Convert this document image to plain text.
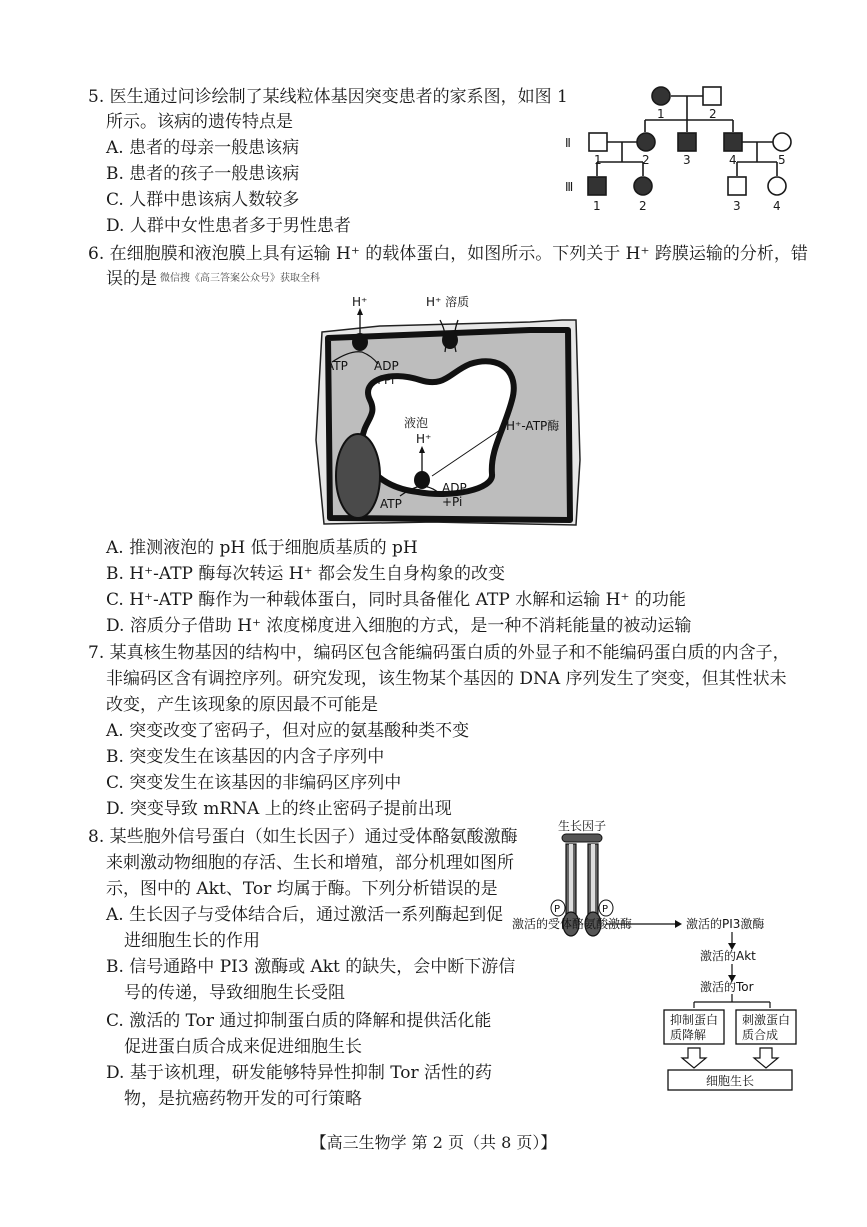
5. 医生通过问诊绘制了某线粒体基因突变患者的家系图，如图 1
所示。该病的遗传特点是
A. 患者的母亲一般患该病
B. 患者的孩子一般患该病
C. 人群中患该病人数较多
D. 人群中女性患者多于男性患者
Ⅱ
Ⅲ
1	2
1	2	3	4	5
1	2	3	4
6. 在细胞膜和液泡膜上具有运输 H⁺ 的载体蛋白，如图所示。下列关于 H⁺ 跨膜运输的分析，错
误的是 微信搜《高三答案公众号》获取全科
H⁺	H⁺ 溶质
ATP ADP
+Pi
液泡
H⁺
H⁺-ATP酶
ATP
ADP
+Pi
A. 推测液泡的 pH 低于细胞质基质的 pH
B. H⁺-ATP 酶每次转运 H⁺ 都会发生自身构象的改变
C. H⁺-ATP 酶作为一种载体蛋白，同时具备催化 ATP 水解和运输 H⁺ 的功能
D. 溶质分子借助 H⁺ 浓度梯度进入细胞的方式，是一种不消耗能量的被动运输
7. 某真核生物基因的结构中，编码区包含能编码蛋白质的外显子和不能编码蛋白质的内含子，
非编码区含有调控序列。研究发现，该生物某个基因的 DNA 序列发生了突变，但其性状未
改变，产生该现象的原因最不可能是
A. 突变改变了密码子，但对应的氨基酸种类不变
B. 突变发生在该基因的内含子序列中
C. 突变发生在该基因的非编码区序列中
D. 突变导致 mRNA 上的终止密码子提前出现
8. 某些胞外信号蛋白（如生长因子）通过受体酪氨酸激酶
来刺激动物细胞的存活、生长和增殖，部分机理如图所
示，图中的 Akt、Tor 均属于酶。下列分析错误的是
A. 生长因子与受体结合后，通过激活一系列酶起到促
进细胞生长的作用
B. 信号通路中 PI3 激酶或 Akt 的缺失，会中断下游信
号的传递，导致细胞生长受阻
C. 激活的 Tor 通过抑制蛋白质的降解和提供活化能
促进蛋白质合成来促进细胞生长
D. 基于该机理，研发能够特异性抑制 Tor 活性的药
物，是抗癌药物开发的可行策略
生长因子
P	P
激活的受体酪氨酸激酶	激活的PI3激酶
激活的Akt
激活的Tor
抑制蛋白
质降解
刺激蛋白
质合成
细胞生长
【高三生物学 第 2 页（共 8 页）】
